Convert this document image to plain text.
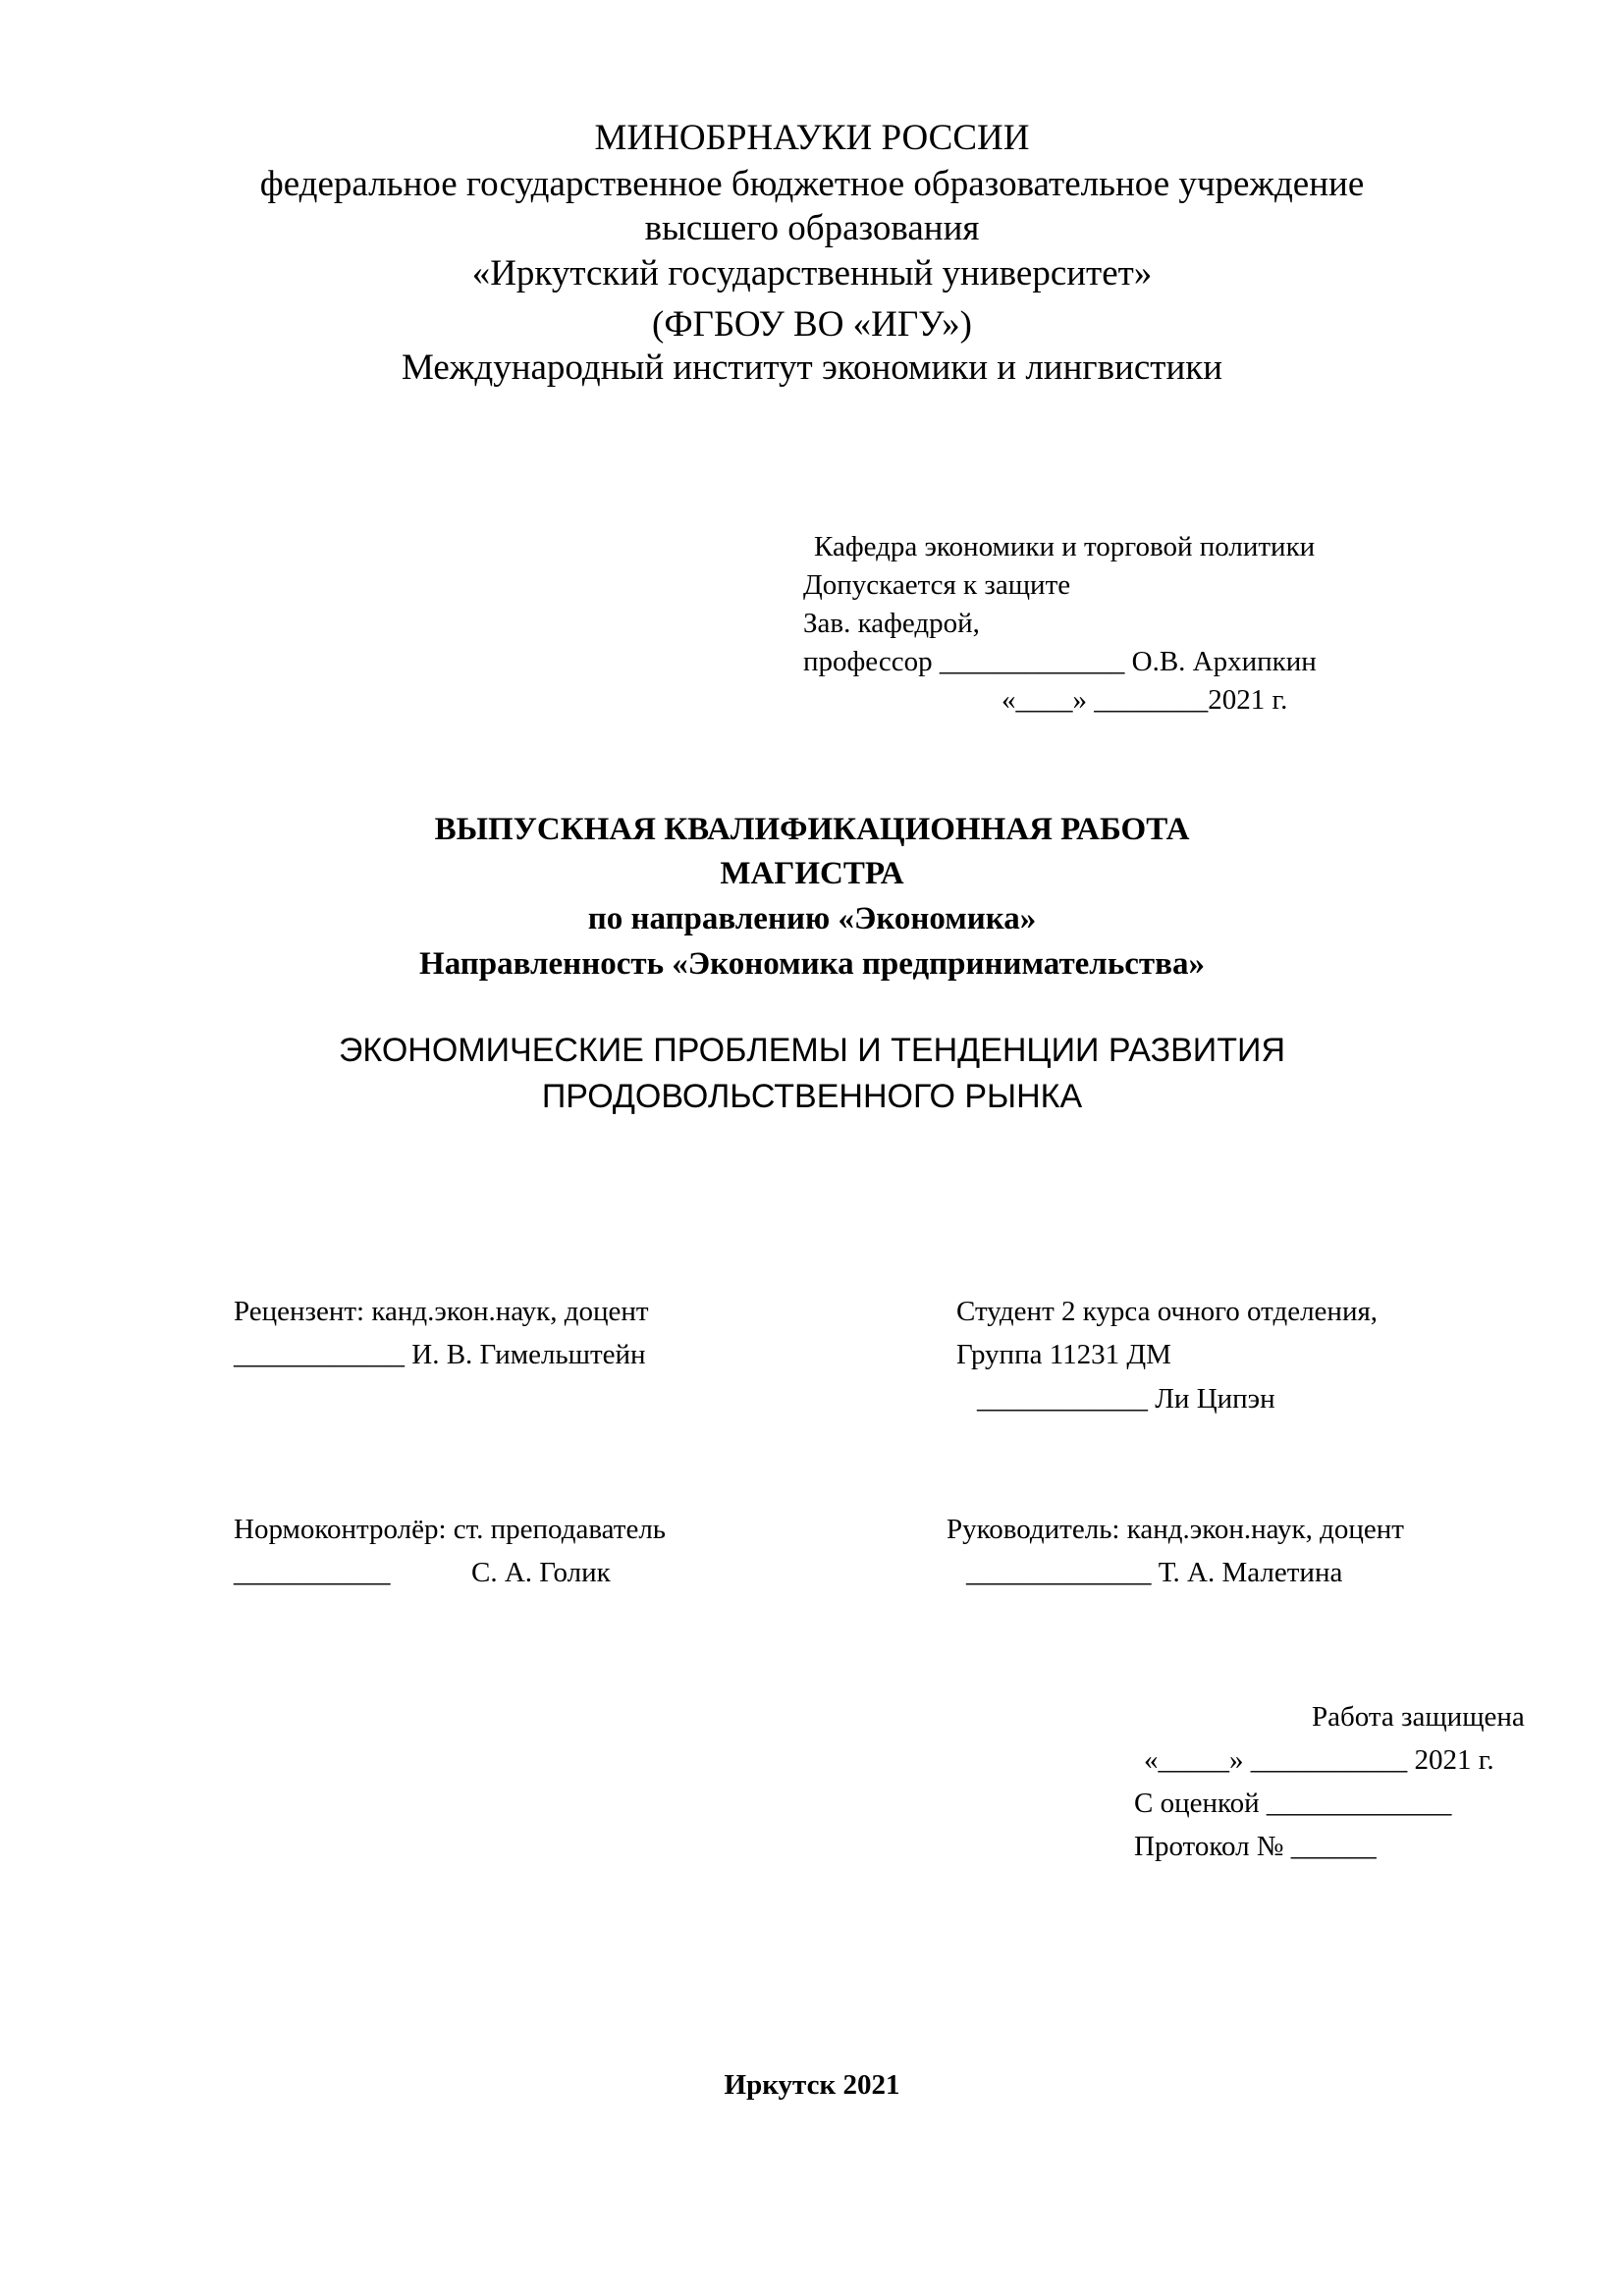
МИНОБРНАУКИ РОССИИ
федеральное государственное бюджетное образовательное учреждение
высшего образования
«Иркутский государственный университет»
(ФГБОУ ВО «ИГУ»)
Международный институт экономики и лингвистики
Кафедра экономики и торговой политики
Допускается к защите
Зав. кафедрой,
профессор _____________ О.В. Архипкин
«____» ________2021 г.
ВЫПУСКНАЯ КВАЛИФИКАЦИОННАЯ РАБОТА
МАГИСТРА
по направлению «Экономика»
Направленность «Экономика предпринимательства»
ЭКОНОМИЧЕСКИЕ ПРОБЛЕМЫ И ТЕНДЕНЦИИ РАЗВИТИЯ
ПРОДОВОЛЬСТВЕННОГО РЫНКА
Рецензент: канд.экон.наук, доцент
____________ И. В. Гимельштейн
Студент 2 курса очного отделения,
Группа 11231 ДМ
____________ Ли Ципэн
Нормоконтролёр: ст. преподаватель
___________	С. А. Голик
Руководитель: канд.экон.наук, доцент
_____________ Т. А. Малетина
Работа защищена
«_____» ___________ 2021 г.
С оценкой _____________
Протокол № ______
Иркутск 2021
